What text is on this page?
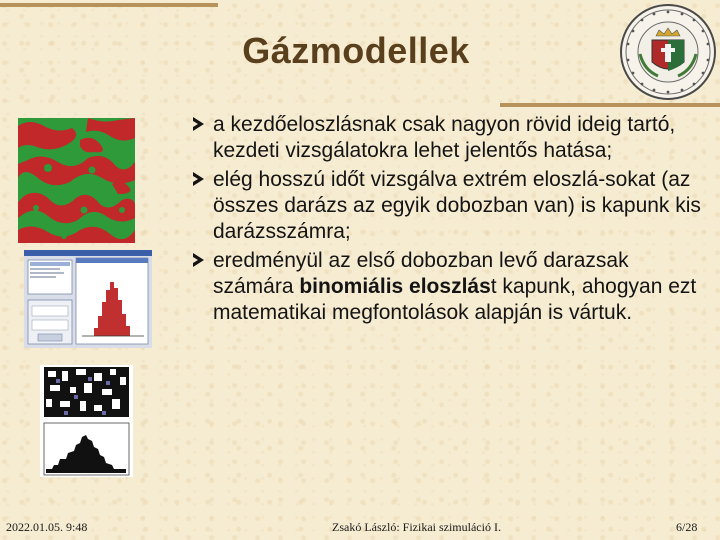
Gázmodellek
a kezdőeloszlásnak csak nagyon rövid ideig tartó, kezdeti vizsgálatokra lehet jelentős hatása;
elég hosszú időt vizsgálva extrém eloszlá-sokat (az összes darázs az egyik dobozban van) is kapunk kis darázsszámra;
eredményül az első dobozban levő darazsak számára binomiális eloszlást kapunk, ahogyan ezt matematikai megfontolások alapján is vártuk.
2022.01.05. 9:48	Zsakó László: Fizikai szimuláció I.	6/28
